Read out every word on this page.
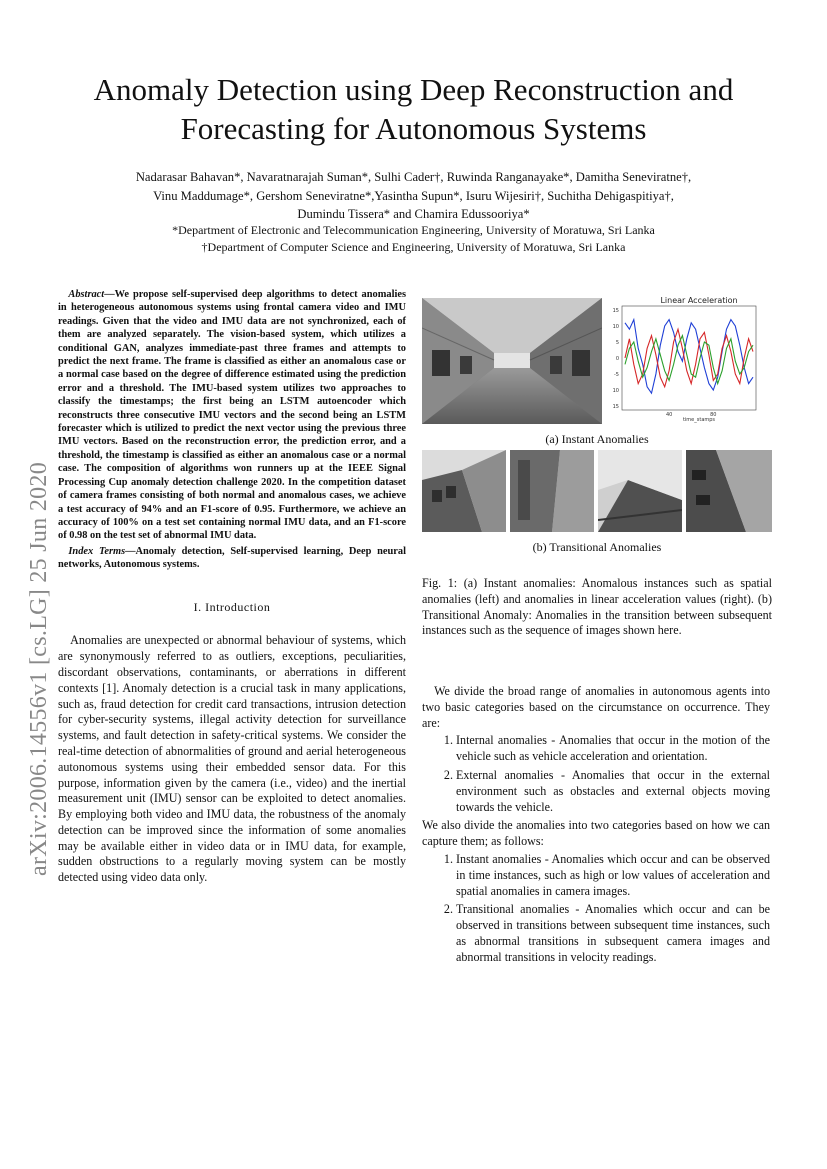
arXiv:2006.14556v1 [cs.LG] 25 Jun 2020
Anomaly Detection using Deep Reconstruction and Forecasting for Autonomous Systems
Nadarasar Bahavan*, Navaratnarajah Suman*, Sulhi Cader†, Ruwinda Ranganayake*, Damitha Seneviratne†,
Vinu Maddumage*, Gershom Seneviratne*,Yasintha Supun*, Isuru Wijesiri†, Suchitha Dehigaspitiya†,
Dumindu Tissera* and Chamira Edussooriya*
*Department of Electronic and Telecommunication Engineering, University of Moratuwa, Sri Lanka
†Department of Computer Science and Engineering, University of Moratuwa, Sri Lanka

Abstract—We propose self-supervised deep algorithms to detect anomalies in heterogeneous autonomous systems using frontal camera video and IMU readings. Given that the video and IMU data are not synchronized, each of them are analyzed separately. The vision-based system, which utilizes a conditional GAN, analyzes immediate-past three frames and attempts to predict the next frame. The frame is classified as either an anomalous case or a normal case based on the degree of difference estimated using the prediction error and a threshold. The IMU-based system utilizes two approaches to classify the timestamps; the first being an LSTM autoencoder which reconstructs three consecutive IMU vectors and the second being an LSTM forecaster which is utilized to predict the next vector using the previous three IMU vectors. Based on the reconstruction error, the prediction error, and a threshold, the timestamp is classified as either an anomalous case or a normal case. The composition of algorithms won runners up at the IEEE Signal Processing Cup anomaly detection challenge 2020. In the competition dataset of camera frames consisting of both normal and anomalous cases, we achieve a test accuracy of 94% and an F1-score of 0.95. Furthermore, we achieve an accuracy of 100% on a test set containing normal IMU data, and an F1-score of 0.98 on the test set of abnormal IMU data.

Index Terms—Anomaly detection, Self-supervised learning, Deep neural networks, Autonomous systems.

I. Introduction

Anomalies are unexpected or abnormal behaviour of systems, which are synonymously referred to as outliers, exceptions, peculiarities, discordant observations, contaminants, or aberrations in different contexts [1]. Anomaly detection is a crucial task in many applications, such as, fraud detection for credit card transactions, intrusion detection for cyber-security systems, illegal activity detection for surveillance systems, and fault detection in safety-critical systems. We consider the real-time detection of abnormalities of ground and aerial heterogeneous autonomous systems using their embedded sensor data. For this purpose, information given by the camera (i.e., video) and the inertial measurement unit (IMU) sensor can be exploited to detect anomalies. By employing both video and IMU data, the robustness of the anomaly detection can be improved since the information of some anomalies may be available either in video data or in IMU data, for example, sudden obstructions to a regularly moving system can be mostly detected using video data only.

Linear Acceleration
15
10
5
0
-5
10
15
40	80
time_stamps
(a) Instant Anomalies
(b) Transitional Anomalies
Fig. 1: (a) Instant anomalies: Anomalous instances such as spatial anomalies (left) and anomalies in linear acceleration values (right). (b) Transitional Anomaly: Anomalies in the transition between subsequent instances such as the sequence of images shown here.

We divide the broad range of anomalies in autonomous agents into two basic categories based on the circumstance on occurrence. They are:

1. Internal anomalies - Anomalies that occur in the motion of the vehicle such as vehicle acceleration and orientation.
2. External anomalies - Anomalies that occur in the external environment such as obstacles and external objects moving towards the vehicle.

We also divide the anomalies into two categories based on how we can capture them; as follows:

1. Instant anomalies - Anomalies which occur and can be observed in time instances, such as high or low values of acceleration and spatial anomalies in camera images.
2. Transitional anomalies - Anomalies which occur and can be observed in transitions between subsequent time instances, such as abnormal transitions in subsequent camera images and abnormal transitions in velocity readings.
